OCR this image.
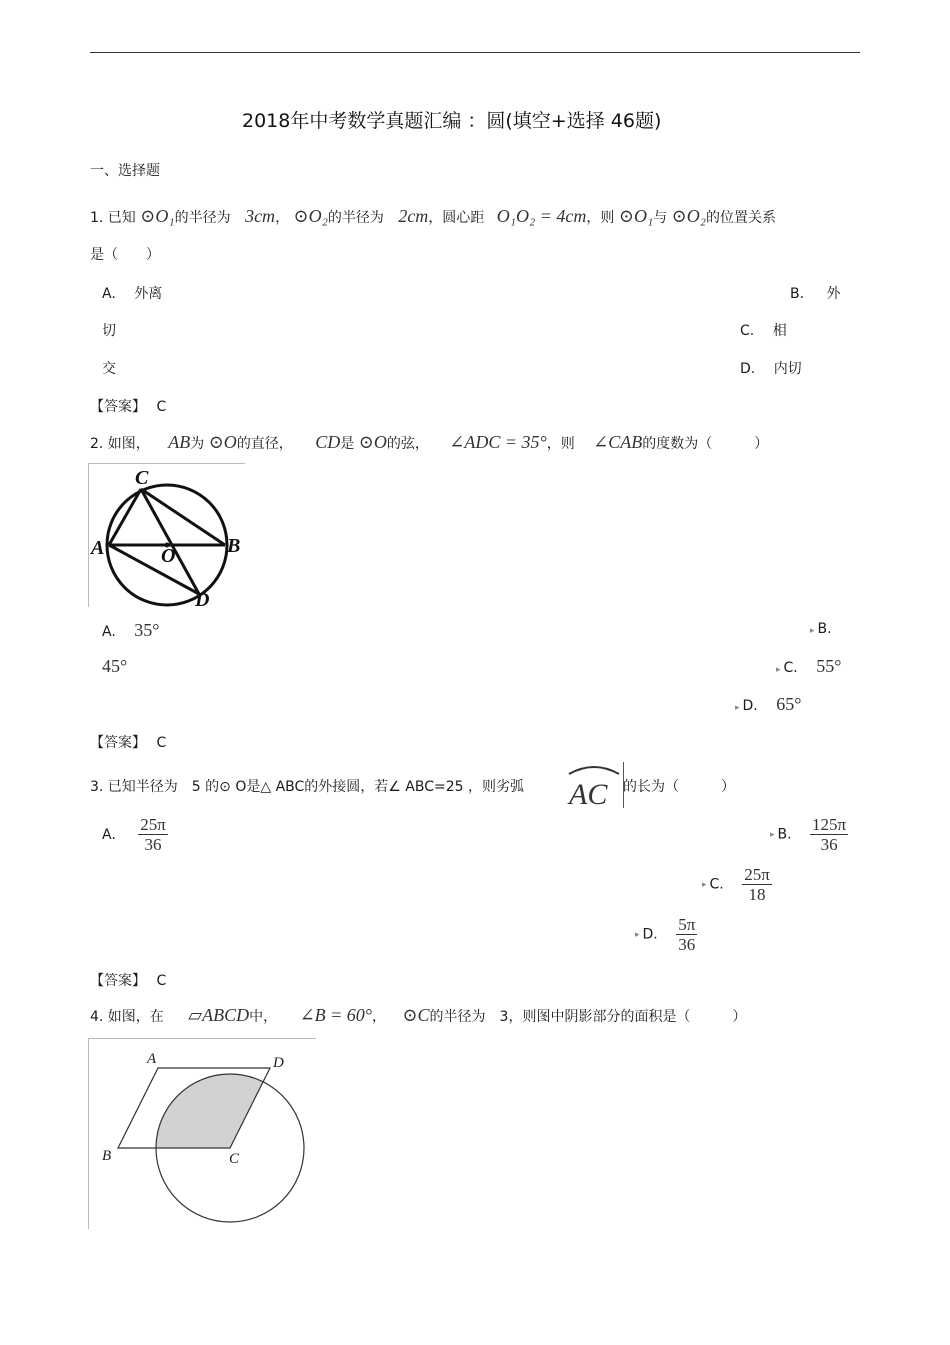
2018年中考数学真题汇编 ：圆(填空+选择 46题)
一、选择题
1. 已知 ⊙O₁的半径为 3cm， ⊙O₂的半径为 2cm，圆心距 O₁O₂ = 4cm，则 ⊙O₁与 ⊙O₂的位置关系
是（　　）
A. 外离	B. 外
切	C. 相
交	D. 内切
【答案】 C
2. 如图， AB为 ⊙O的直径， CD是 ⊙O的弦， ∠ADC = 35°，则 ∠CAB的度数为（　　　）
C
A	B
O
D
A. 35°	▸ B.
45°	▸ C. 55°
▸ D. 65°
【答案】 C
3. 已知半径为　5 的⊙ O是△ ABC的外接圆，若∠ ABC=25 ，则劣弧 AC 的长为（　　　）
A. $\frac{25\pi}{36}$	▸ B. $\frac{125\pi}{36}$
▸ C. $\frac{25\pi}{18}$
▸ D. $\frac{5\pi}{36}$
【答案】 C
4. 如图，在 ▱ABCD中， ∠B = 60°， ⊙C的半径为　3，则图中阴影部分的面积是（　　　）
A	D
B	C
